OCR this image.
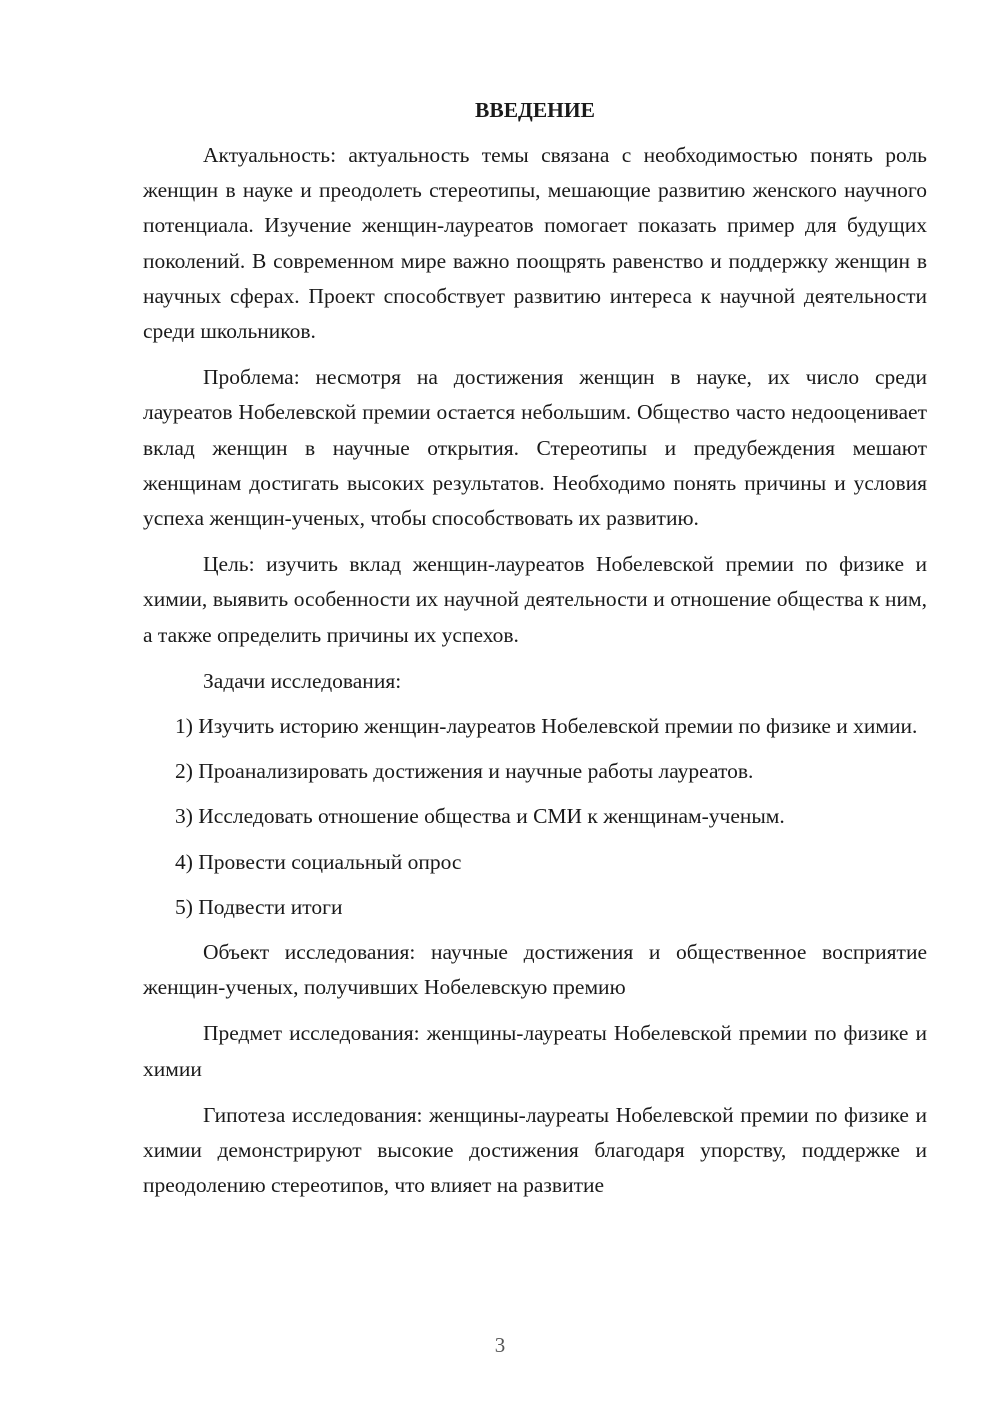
ВВЕДЕНИЕ

Актуальность: актуальность темы связана с необходимостью понять роль женщин в науке и преодолеть стереотипы, мешающие развитию женского научного потенциала. Изучение женщин-лауреатов помогает показать пример для будущих поколений. В современном мире важно поощрять равенство и поддержку женщин в научных сферах. Проект способствует развитию интереса к научной деятельности среди школьников.

Проблема: несмотря на достижения женщин в науке, их число среди лауреатов Нобелевской премии остается небольшим. Общество часто недооценивает вклад женщин в научные открытия. Стереотипы и предубеждения мешают женщинам достигать высоких результатов. Необходимо понять причины и условия успеха женщин-ученых, чтобы способствовать их развитию.

Цель: изучить вклад женщин-лауреатов Нобелевской премии по физике и химии, выявить особенности их научной деятельности и отношение общества к ним, а также определить причины их успехов.

Задачи исследования:

1) Изучить историю женщин-лауреатов Нобелевской премии по физике и химии.

2) Проанализировать достижения и научные работы лауреатов.

3) Исследовать отношение общества и СМИ к женщинам-ученым.

4) Провести социальный опрос

5) Подвести итоги

Объект исследования: научные достижения и общественное восприятие женщин-ученых, получивших Нобелевскую премию

Предмет исследования: женщины-лауреаты Нобелевской премии по физике и химии

Гипотеза исследования: женщины-лауреаты Нобелевской премии по физике и химии демонстрируют высокие достижения благодаря упорству, поддержке и преодолению стереотипов, что влияет на развитие

3
